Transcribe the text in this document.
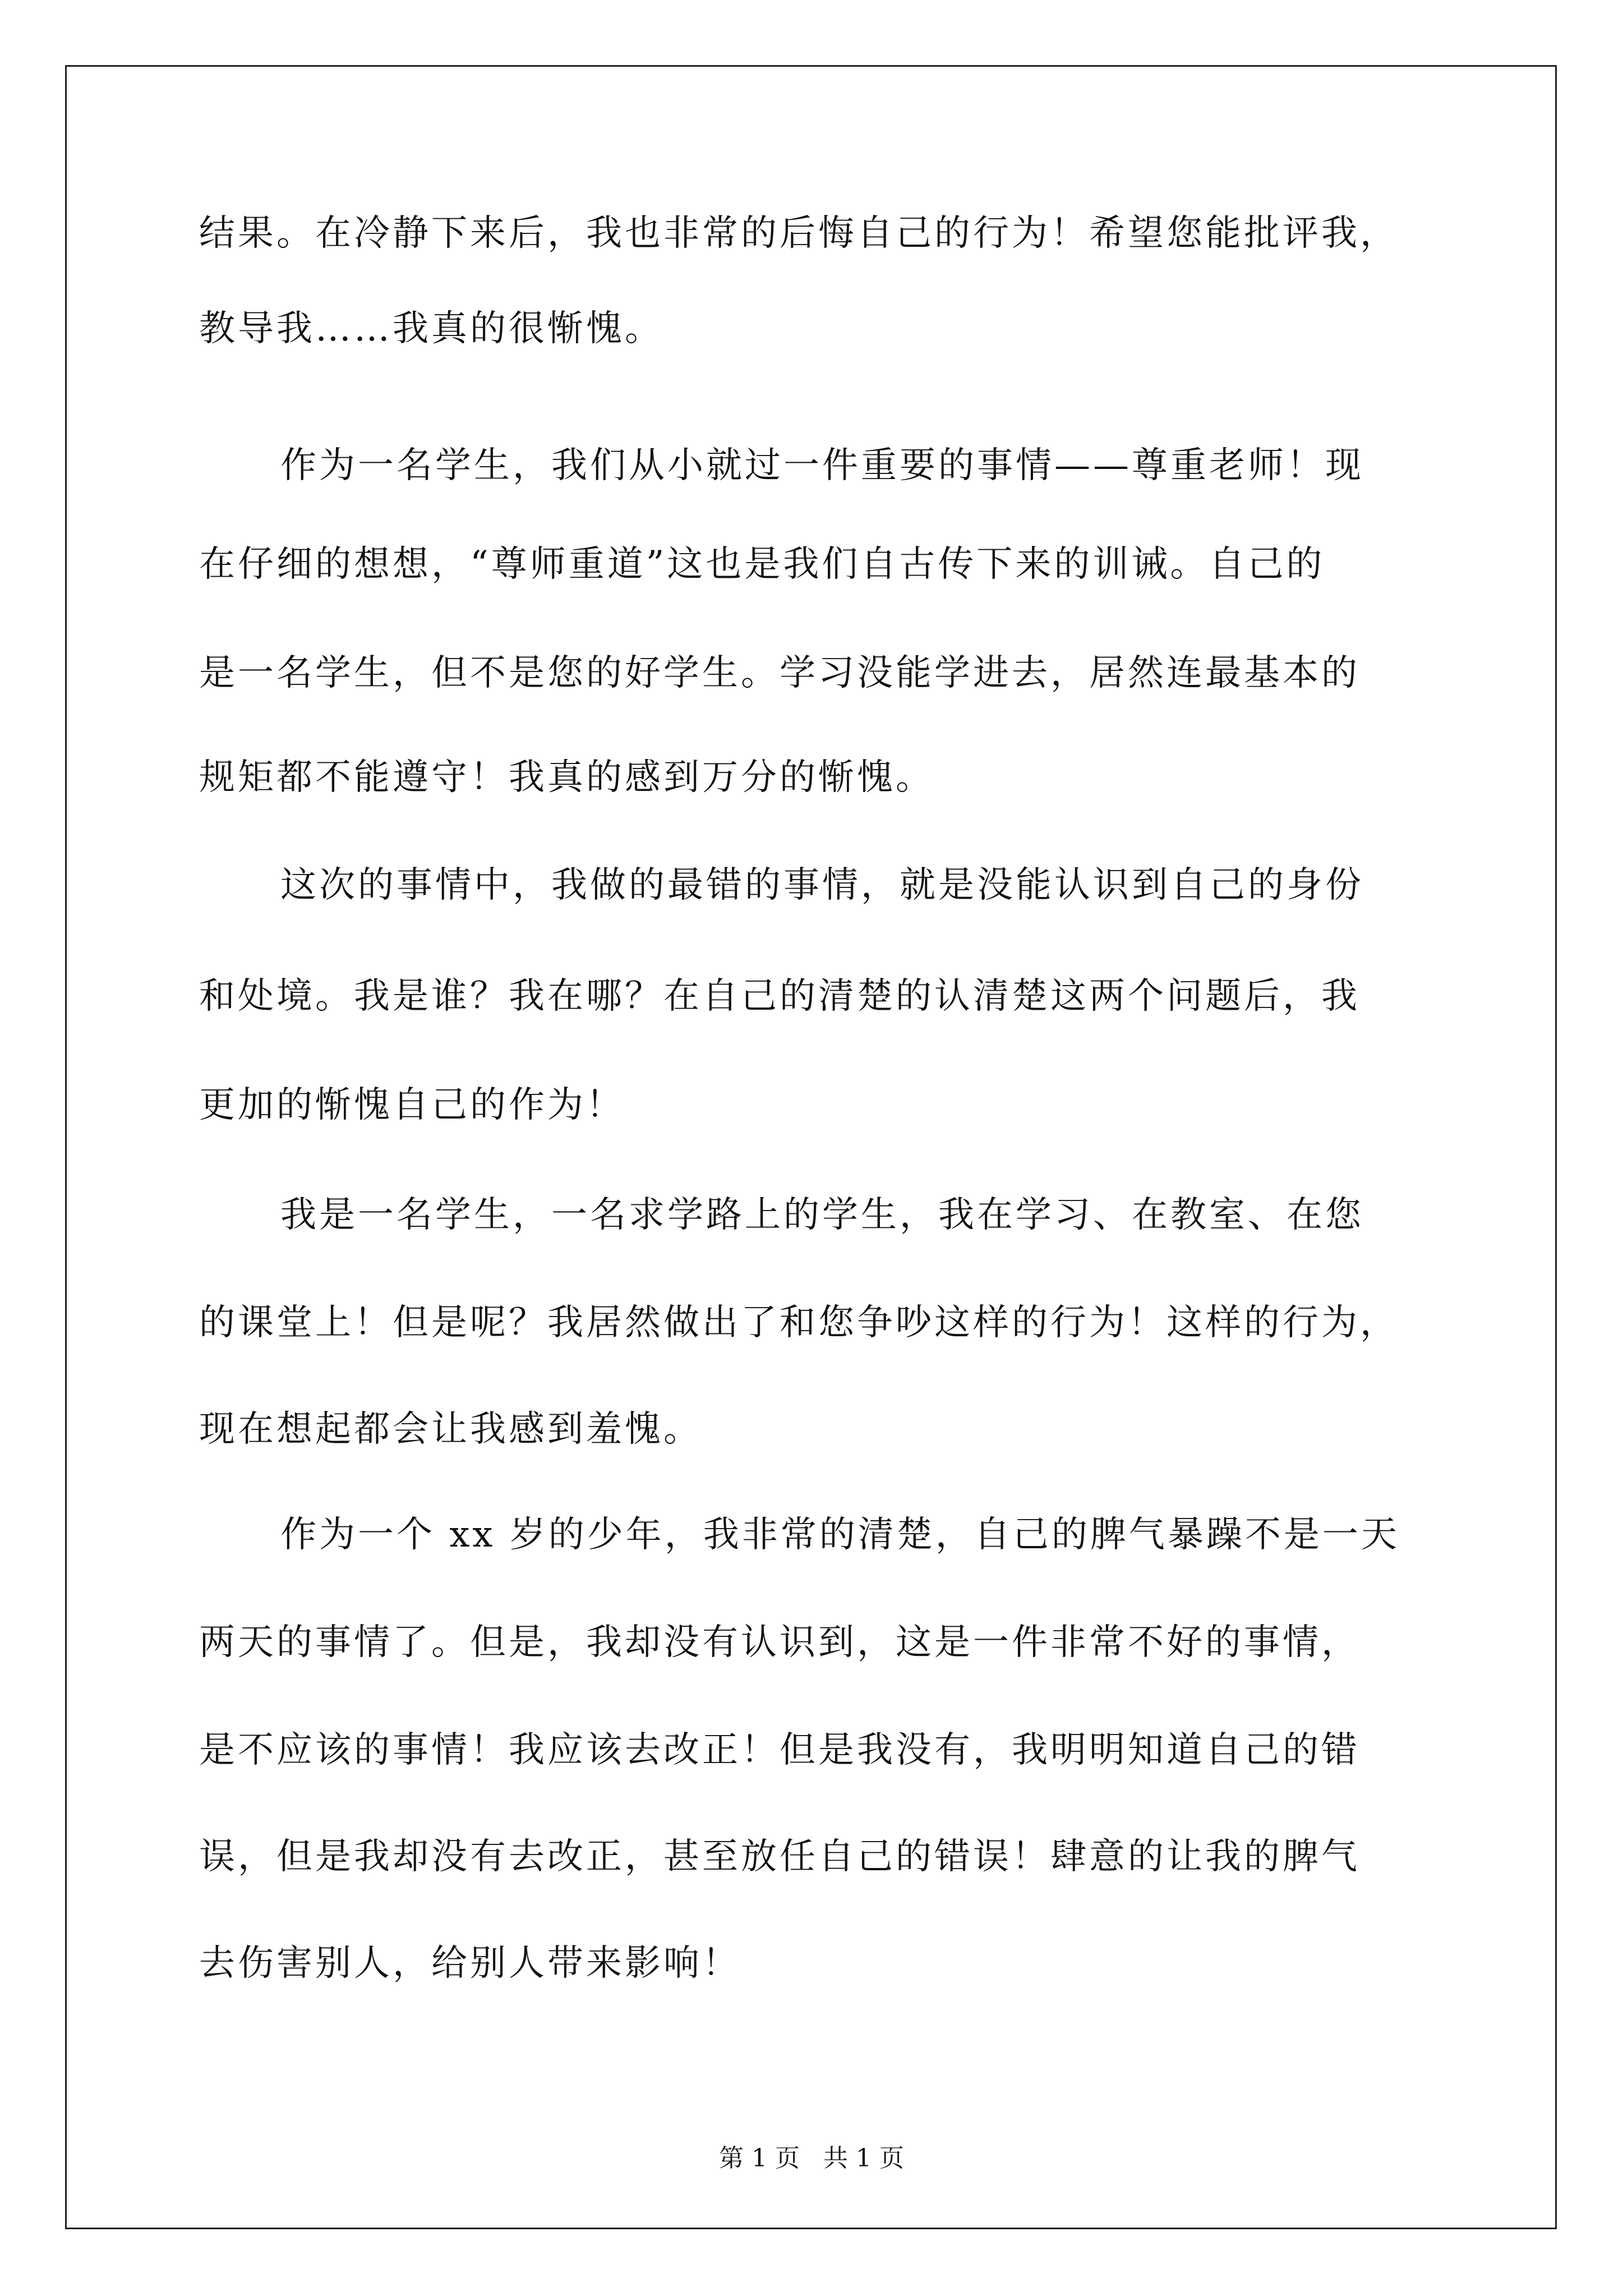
结果。在冷静下来后，我也非常的后悔自己的行为！希望您能批评我，
教导我……我真的很惭愧。
作为一名学生，我们从小就过一件重要的事情——尊重老师！现
在仔细的想想，“尊师重道”这也是我们自古传下来的训诫。自己的
是一名学生，但不是您的好学生。学习没能学进去，居然连最基本的
规矩都不能遵守！我真的感到万分的惭愧。
这次的事情中，我做的最错的事情，就是没能认识到自己的身份
和处境。我是谁？我在哪？在自己的清楚的认清楚这两个问题后，我
更加的惭愧自己的作为！
我是一名学生，一名求学路上的学生，我在学习、在教室、在您
的课堂上！但是呢？我居然做出了和您争吵这样的行为！这样的行为，
现在想起都会让我感到羞愧。
作为一个 xx 岁的少年，我非常的清楚，自己的脾气暴躁不是一天
两天的事情了。但是，我却没有认识到，这是一件非常不好的事情，
是不应该的事情！我应该去改正！但是我没有，我明明知道自己的错
误，但是我却没有去改正，甚至放任自己的错误！肆意的让我的脾气
去伤害别人，给别人带来影响！
第 1 页   共 1 页
